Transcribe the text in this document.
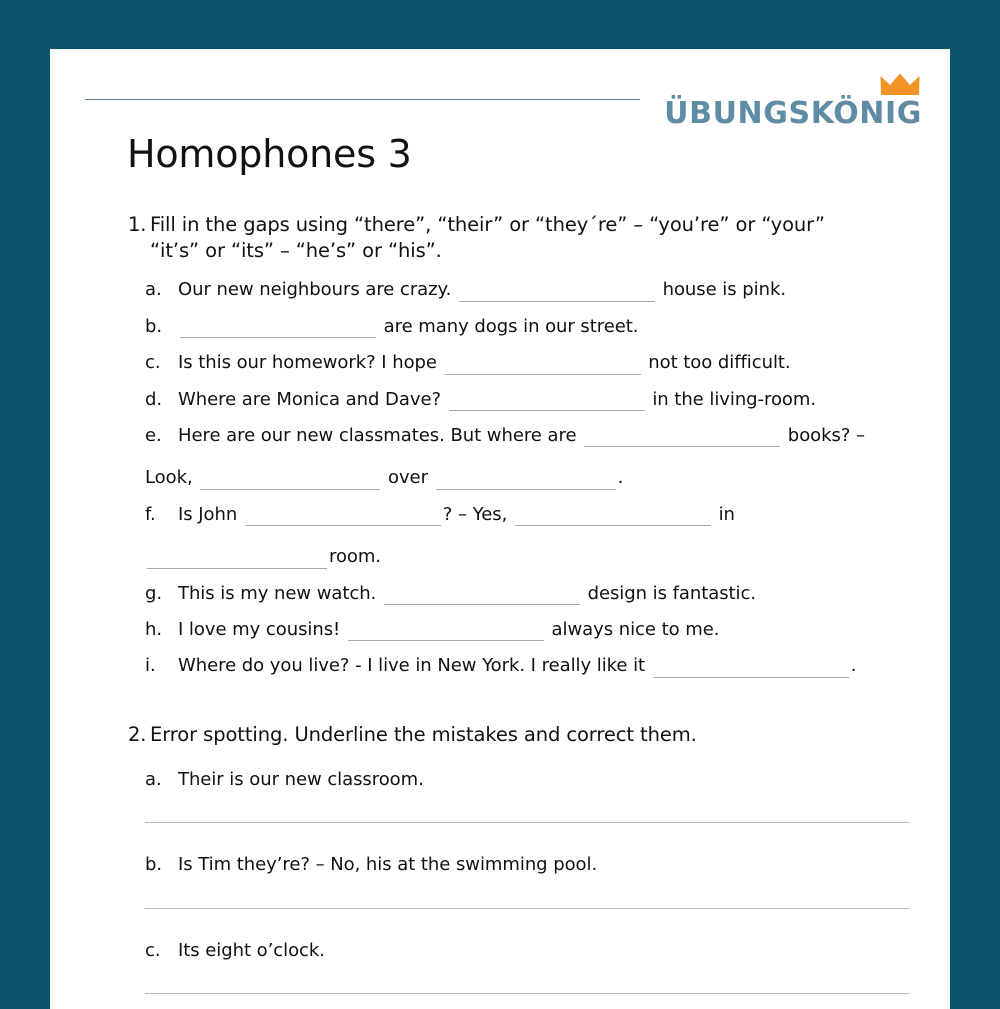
ÜBUNGSKÖNIG
Homophones 3
1. Fill in the gaps using “there”, “their” or “they´re” – “you’re” or “your” “it’s” or “its” – “he’s” or “his”.
a. Our new neighbours are crazy.	house is pink.
b.	are many dogs in our street.
c. Is this our homework? I hope	not too difficult.
d. Where are Monica and Dave?	in the living-room.
e. Here are our new classmates. But where are	books? –
Look,	over	.
f.	Is John	? – Yes,	in
room.
g. This is my new watch.	design is fantastic.
h. I love my cousins!	always nice to me.
i.	Where do you live? - I live in New York. I really like it	.
2. Error spotting. Underline the mistakes and correct them.
a. Their is our new classroom.
b. Is Tim they’re? – No, his at the swimming pool.
c. Its eight o’clock.
